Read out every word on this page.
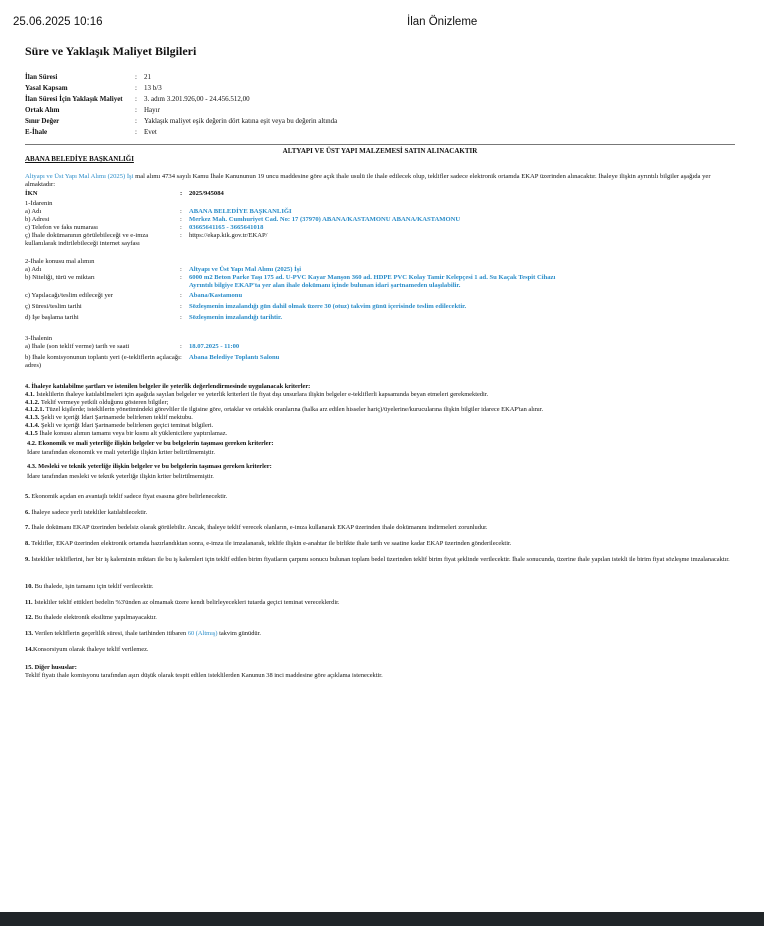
25.06.2025 10:16	İlan Önizleme
Süre ve Yaklaşık Maliyet Bilgileri
İlan Süresi	:	21
Yasal Kapsam	:	13 b/3
İlan Süresi İçin Yaklaşık Maliyet	:	3. adım 3.201.926,00 - 24.456.512,00
Ortak Alım	:	Hayır
Sınır Değer	:	Yaklaşık maliyet eşik değerin dört katına eşit veya bu değerin altında
E-İhale	:	Evet
ALTYAPI VE ÜST YAPI MALZEMESİ SATIN ALINACAKTIR
ABANA BELEDİYE BAŞKANLIĞI
Altyapı ve Üst Yapı Mal Alımı (2025) İşi mal alımı 4734 sayılı Kamu İhale Kanununun 19 uncu maddesine göre açık ihale usulü ile ihale edilecek olup, teklifler sadece elektronik ortamda EKAP üzerinden alınacaktır. İhaleye ilişkin ayrıntılı bilgiler aşağıda yer almaktadır:
İKN	:	2025/945084
1-İdarenin
a) Adı	:	ABANA BELEDİYE BAŞKANLIĞI
b) Adresi	:	Merkez Mah. Cumhuriyet Cad. No: 17 (37970) ABANA/KASTAMONU ABANA/KASTAMONU
c) Telefon ve faks numarası	:	03665641165 - 3665641018
ç) İhale dokümanının görülebileceği ve e-imza kullanılarak indirilebileceği internet sayfası
:	https://ekap.kik.gov.tr/EKAP/
2-İhale konusu mal alımın
a) Adı	:	Altyapı ve Üst Yapı Mal Alımı (2025) İşi
b) Niteliği, türü ve miktarı	:	6000 m2 Beton Parke Taşı 175 ad. U-PVC Kayar Manşon 360 ad. HDPE PVC Kolay Tamir Kelepçesi 1 ad. Su Kaçak Tespit Cihazı
Ayrıntılı bilgiye EKAP'ta yer alan ihale dokümanı içinde bulunan idari şartnameden ulaşılabilir.
c) Yapılacağı/teslim edileceği yer	:	Abana/Kastamonu
ç) Süresi/teslim tarihi	:	Sözleşmenin imzalandığı gün dahil olmak üzere 30 (otuz) takvim günü içerisinde teslim edilecektir.
d) İşe başlama tarihi	:	Sözleşmenin imzalandığı tarihtir.
3-İhalenin
a) İhale (son teklif verme) tarih ve saati	:	18.07.2025 - 11:00
b) İhale komisyonunun toplantı yeri (e-tekliflerin açılacağı adres)
:	Abana Belediye Toplantı Salonu
4. İhaleye katılabilme şartları ve istenilen belgeler ile yeterlik değerlendirmesinde uygulanacak kriterler:
4.1. İsteklilerin ihaleye katılabilmeleri için aşağıda sayılan belgeler ve yeterlik kriterleri ile fiyat dışı unsurlara ilişkin belgeler e-tekliflerli kapsamında beyan etmeleri gerekmektedir.
4.1.2. Teklif vermeye yetkili olduğunu gösteren bilgiler;
4.1.2.1. Tüzel kişilerde; isteklilerin yönetimindeki görevliler ile ilgisine göre, ortaklar ve ortaklık oranlarına (halka arz edilen hisseler hariç)/üyelerine/kurucularına ilişkin bilgiler idarece EKAP'tan alınır.
4.1.3. Şekli ve içeriği İdari Şartnamede belirlenen teklif mektubu.
4.1.4. Şekli ve içeriği İdari Şartnamede belirlenen geçici teminat bilgileri.
4.1.5 İhale konusu alımın tamamı veya bir kısmı alt yüklenicilere yaptırılamaz.
4.2. Ekonomik ve mali yeterliğe ilişkin belgeler ve bu belgelerin taşıması gereken kriterler:
İdare tarafından ekonomik ve mali yeterliğe ilişkin kriter belirtilmemiştir.
4.3. Mesleki ve teknik yeterliğe ilişkin belgeler ve bu belgelerin taşıması gereken kriterler:
İdare tarafından mesleki ve teknik yeterliğe ilişkin kriter belirtilmemiştir.
5. Ekonomik açıdan en avantajlı teklif sadece fiyat esasına göre belirlenecektir.
6. İhaleye sadece yerli istekliler katılabilecektir.
7. İhale dokümanı EKAP üzerinden bedelsiz olarak görülebilir. Ancak, ihaleye teklif verecek olanların, e-imza kullanarak EKAP üzerinden ihale dokümanını indirmeleri zorunludur.
8. Teklifler, EKAP üzerinden elektronik ortamda hazırlandıktan sonra, e-imza ile imzalanarak, teklife ilişkin e-anahtar ile birlikte ihale tarih ve saatine kadar EKAP üzerinden gönderilecektir.
9. İstekliler tekliflerini, her bir iş kaleminin miktarı ile bu iş kalemleri için teklif edilen birim fiyatların çarpımı sonucu bulunan toplam bedel üzerinden teklif birim fiyat şeklinde verilecektir. İhale sonucunda, üzerine ihale yapılan istekli ile birim fiyat sözleşme imzalanacaktır.
10. Bu ihalede, işin tamamı için teklif verilecektir.
11. İstekliler teklif ettikleri bedelin %3'ünden az olmamak üzere kendi belirleyecekleri tutarda geçici teminat vereceklerdir.
12. Bu ihalede elektronik eksiltme yapılmayacaktır.
13. Verilen tekliflerin geçerlilik süresi, ihale tarihinden itibaren 60 (Altmış) takvim günüdür.
14.Konsorsiyum olarak ihaleye teklif verilemez.
15. Diğer hususlar:
Teklif fiyatı ihale komisyonu tarafından aşırı düşük olarak tespit edilen isteklilerden Kanunun 38 inci maddesine göre açıklama istenecektir.
